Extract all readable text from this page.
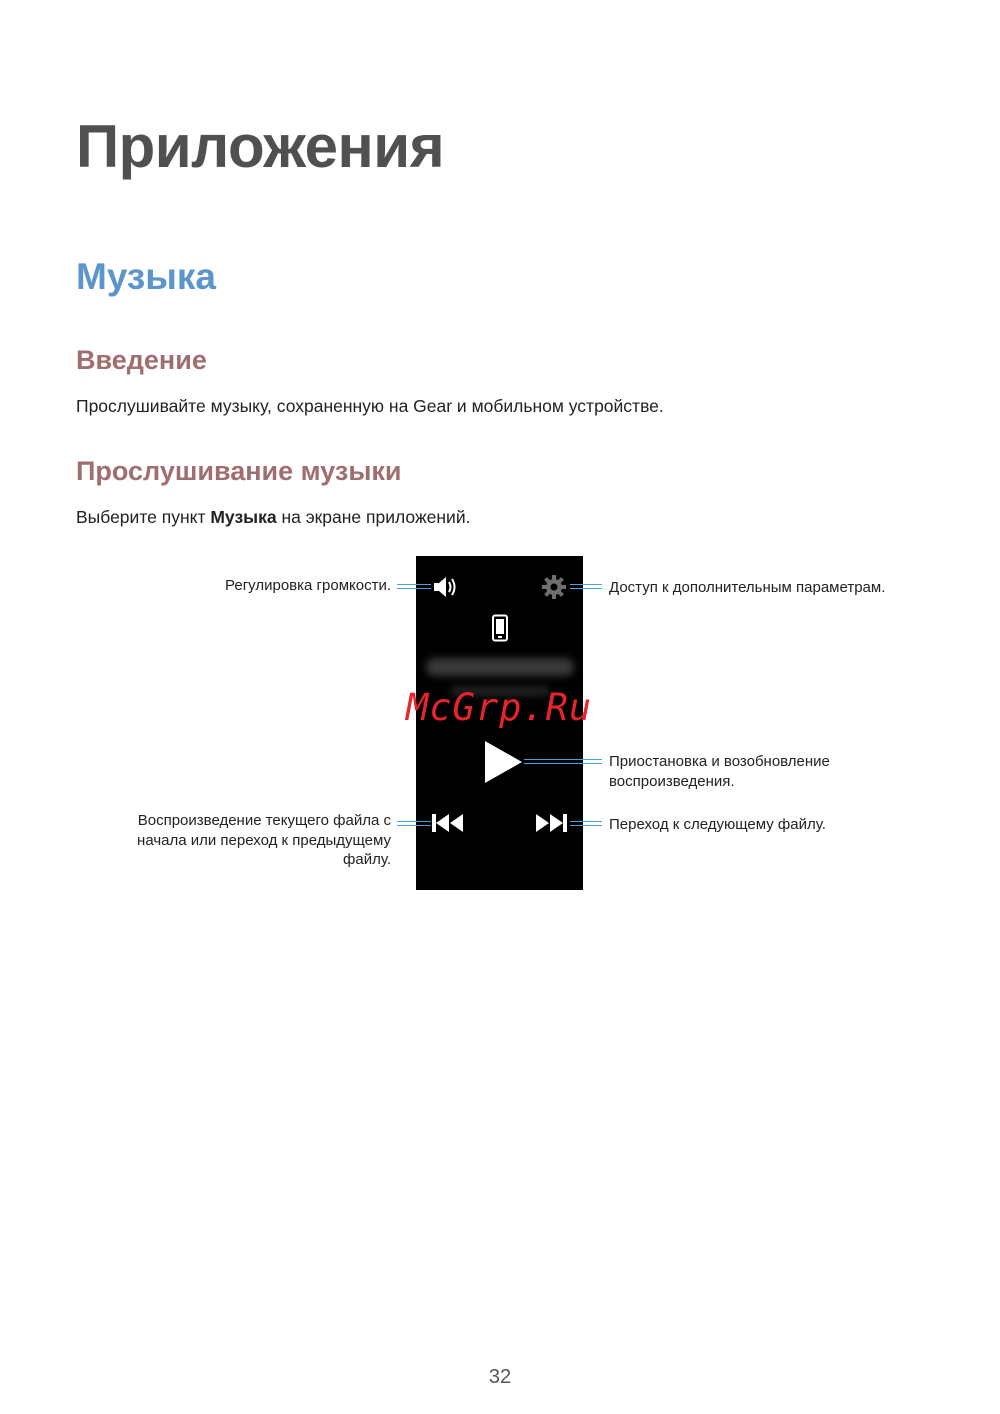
Приложения
Музыка
Введение

Прослушивайте музыку, сохраненную на Gear и мобильном устройстве.

Прослушивание музыки

Выберите пункт Музыка на экране приложений.

Регулировка громкости.	Доступ к дополнительным параметрам.
Приостановка и возобновление
воспроизведения.
Воспроизведение текущего файла с
начала или переход к предыдущему
файлу.
Переход к следующему файлу.
McGrp.Ru
32
